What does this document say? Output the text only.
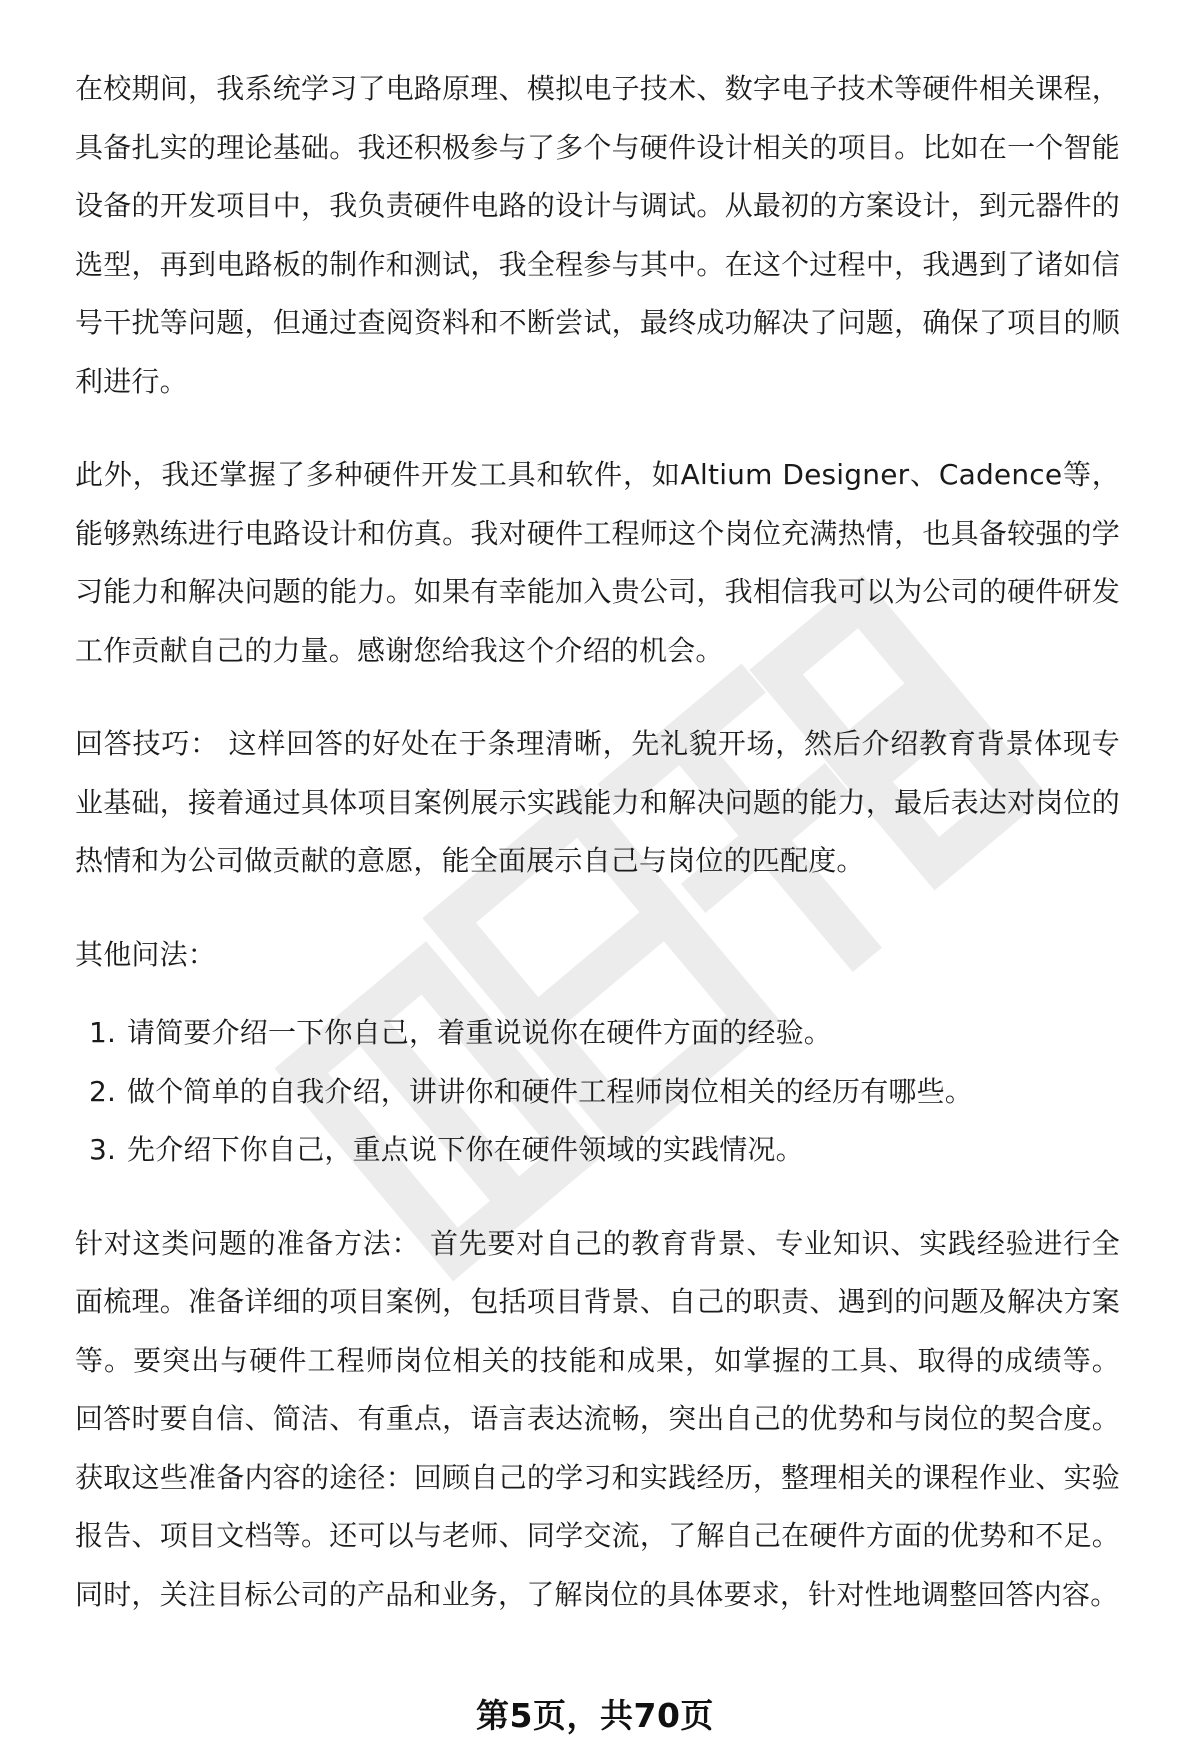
在校期间，我系统学习了电路原理、模拟电子技术、数字电子技术等硬件相关课程，具备扎实的理论基础。我还积极参与了多个与硬件设计相关的项目。比如在一个智能设备的开发项目中，我负责硬件电路的设计与调试。从最初的方案设计，到元器件的选型，再到电路板的制作和测试，我全程参与其中。在这个过程中，我遇到了诸如信号干扰等问题，但通过查阅资料和不断尝试，最终成功解决了问题，确保了项目的顺利进行。

此外，我还掌握了多种硬件开发工具和软件，如Altium Designer、Cadence等，能够熟练进行电路设计和仿真。我对硬件工程师这个岗位充满热情，也具备较强的学习能力和解决问题的能力。如果有幸能加入贵公司，我相信我可以为公司的硬件研发工作贡献自己的力量。感谢您给我这个介绍的机会。

回答技巧： 这样回答的好处在于条理清晰，先礼貌开场，然后介绍教育背景体现专业基础，接着通过具体项目案例展示实践能力和解决问题的能力，最后表达对岗位的热情和为公司做贡献的意愿，能全面展示自己与岗位的匹配度。

其他问法：

1. 请简要介绍一下你自己，着重说说你在硬件方面的经验。
2. 做个简单的自我介绍，讲讲你和硬件工程师岗位相关的经历有哪些。
3. 先介绍下你自己，重点说下你在硬件领域的实践情况。

针对这类问题的准备方法： 首先要对自己的教育背景、专业知识、实践经验进行全面梳理。准备详细的项目案例，包括项目背景、自己的职责、遇到的问题及解决方案等。要突出与硬件工程师岗位相关的技能和成果，如掌握的工具、取得的成绩等。 回答时要自信、简洁、有重点，语言表达流畅，突出自己的优势和与岗位的契合度。 获取这些准备内容的途径：回顾自己的学习和实践经历，整理相关的课程作业、实验报告、项目文档等。还可以与老师、同学交流，了解自己在硬件方面的优势和不足。同时，关注目标公司的产品和业务，了解岗位的具体要求，针对性地调整回答内容。

第5页，共70页
